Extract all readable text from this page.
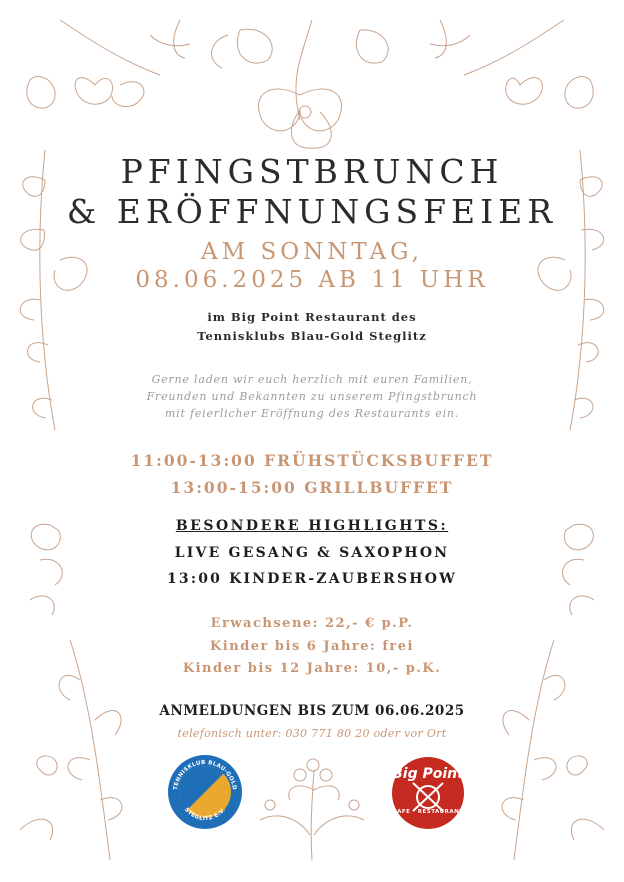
PFINGSTBRUNCH
& ERÖFFNUNGSFEIER
AM SONNTAG,
08.06.2025 AB 11 UHR
im Big Point Restaurant des
Tennisklubs Blau-Gold Steglitz
Gerne laden wir euch herzlich mit euren Familien,
Freunden und Bekannten zu unserem Pfingstbrunch
mit feierlicher Eröffnung des Restaurants ein.
11:00-13:00 FRÜHSTÜCKSBUFFET
13:00-15:00 GRILLBUFFET
BESONDERE HIGHLIGHTS:
LIVE GESANG & SAXOPHON
13:00 KINDER-ZAUBERSHOW
Erwachsene: 22,- € p.P.
Kinder bis 6 Jahre: frei
Kinder bis 12 Jahre: 10,- p.K.
ANMELDUNGEN BIS ZUM 06.06.2025
telefonisch unter: 030 771 80 20 oder vor Ort
TENNISKLUB BLAU-GOLD
STEGLITZ E.V.
Big Point
CAFE · RESTAURANT
